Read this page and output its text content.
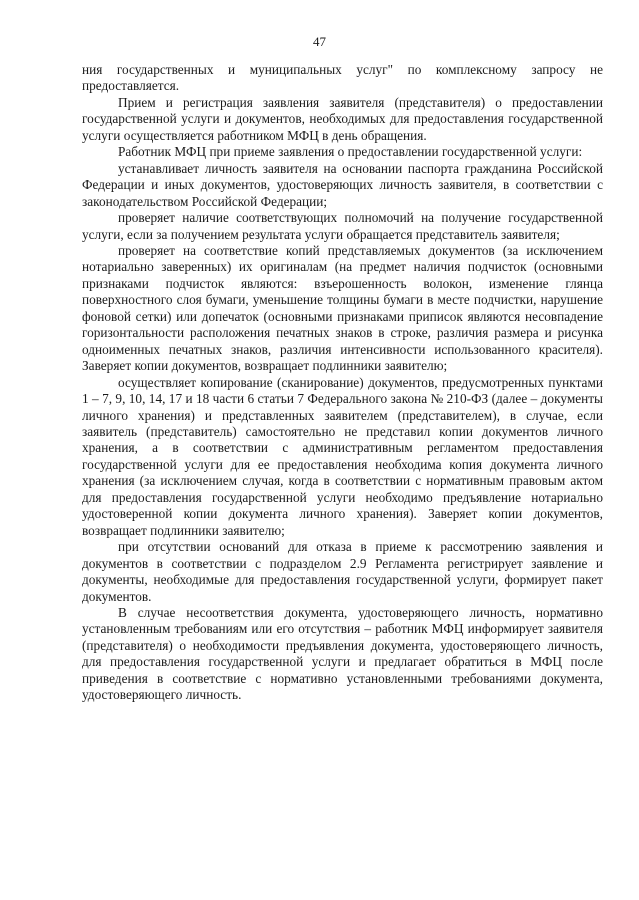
47

ния государственных и муниципальных услуг" по комплексному запросу не предоставляется.

Прием и регистрация заявления заявителя (представителя) о предоставлении государственной услуги и документов, необходимых для предоставления государственной услуги осуществляется работником МФЦ в день обращения.

Работник МФЦ при приеме заявления о предоставлении государственной услуги:

устанавливает личность заявителя на основании паспорта гражданина Российской Федерации и иных документов, удостоверяющих личность заявителя, в соответствии с законодательством Российской Федерации;

проверяет наличие соответствующих полномочий на получение государственной услуги, если за получением результата услуги обращается представитель заявителя;

проверяет на соответствие копий представляемых документов (за исключением нотариально заверенных) их оригиналам (на предмет наличия подчисток (основными признаками подчисток являются: взъерошенность волокон, изменение глянца поверхностного слоя бумаги, уменьшение толщины бумаги в месте подчистки, нарушение фоновой сетки) или допечаток (основными признаками приписок являются несовпадение горизонтальности расположения печатных знаков в строке, различия размера и рисунка одноименных печатных знаков, различия интенсивности использованного красителя). Заверяет копии документов, возвращает подлинники заявителю;

осуществляет копирование (сканирование) документов, предусмотренных пунктами 1 – 7, 9, 10, 14, 17 и 18 части 6 статьи 7 Федерального закона № 210-ФЗ (далее – документы личного хранения) и представленных заявителем (представителем), в случае, если заявитель (представитель) самостоятельно не представил копии документов личного хранения, а в соответствии с административным регламентом предоставления государственной услуги для ее предоставления необходима копия документа личного хранения (за исключением случая, когда в соответствии с нормативным правовым актом для предоставления государственной услуги необходимо предъявление нотариально удостоверенной копии документа личного хранения). Заверяет копии документов, возвращает подлинники заявителю;

при отсутствии оснований для отказа в приеме к рассмотрению заявления и документов в соответствии с подразделом 2.9 Регламента регистрирует заявление и документы, необходимые для предоставления государственной услуги, формирует пакет документов.

В случае несоответствия документа, удостоверяющего личность, нормативно установленным требованиям или его отсутствия – работник МФЦ информирует заявителя (представителя) о необходимости предъявления документа, удостоверяющего личность, для предоставления государственной услуги и предлагает обратиться в МФЦ после приведения в соответствие с нормативно установленными требованиями документа, удостоверяющего личность.
